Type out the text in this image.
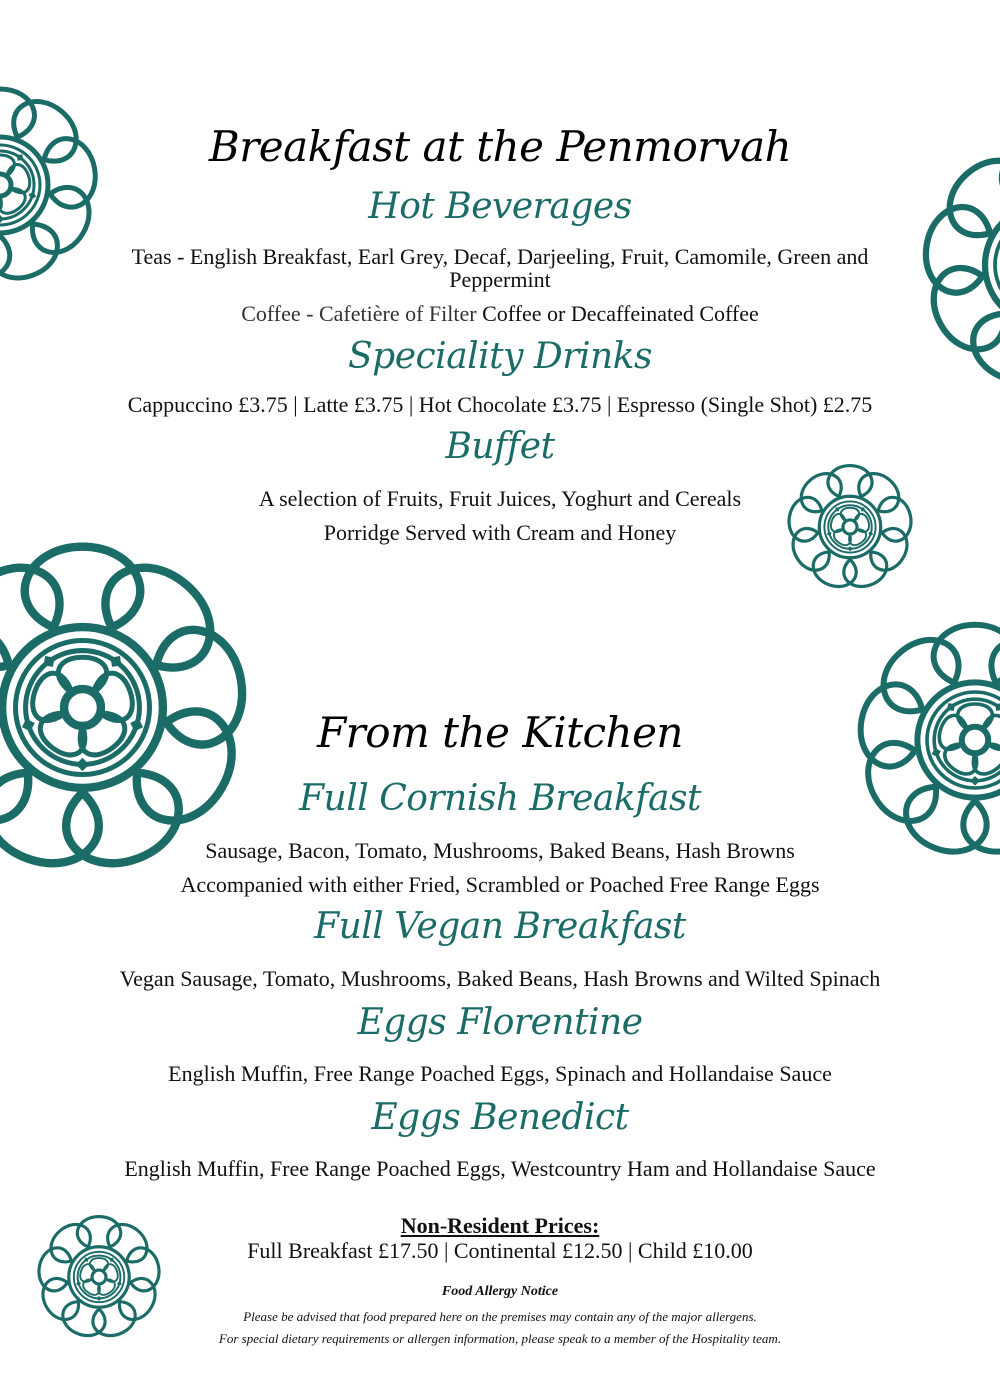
Breakfast at the Penmorvah
Hot Beverages
Teas - English Breakfast, Earl Grey, Decaf, Darjeeling, Fruit, Camomile, Green and
Peppermint
Coffee - Cafetière of Filter Coffee or Decaffeinated Coffee
Speciality Drinks
Cappuccino £3.75 | Latte £3.75 | Hot Chocolate £3.75 | Espresso (Single Shot) £2.75
Buffet
A selection of Fruits, Fruit Juices, Yoghurt and Cereals
Porridge Served with Cream and Honey
From the Kitchen
Full Cornish Breakfast
Sausage, Bacon, Tomato, Mushrooms, Baked Beans, Hash Browns
Accompanied with either Fried, Scrambled or Poached Free Range Eggs
Full Vegan Breakfast
Vegan Sausage, Tomato, Mushrooms, Baked Beans, Hash Browns and Wilted Spinach
Eggs Florentine
English Muffin, Free Range Poached Eggs, Spinach and Hollandaise Sauce
Eggs Benedict
English Muffin, Free Range Poached Eggs, Westcountry Ham and Hollandaise Sauce
Non-Resident Prices:
Full Breakfast £17.50 | Continental £12.50 | Child £10.00
Food Allergy Notice
Please be advised that food prepared here on the premises may contain any of the major allergens.
For special dietary requirements or allergen information, please speak to a member of the Hospitality team.
